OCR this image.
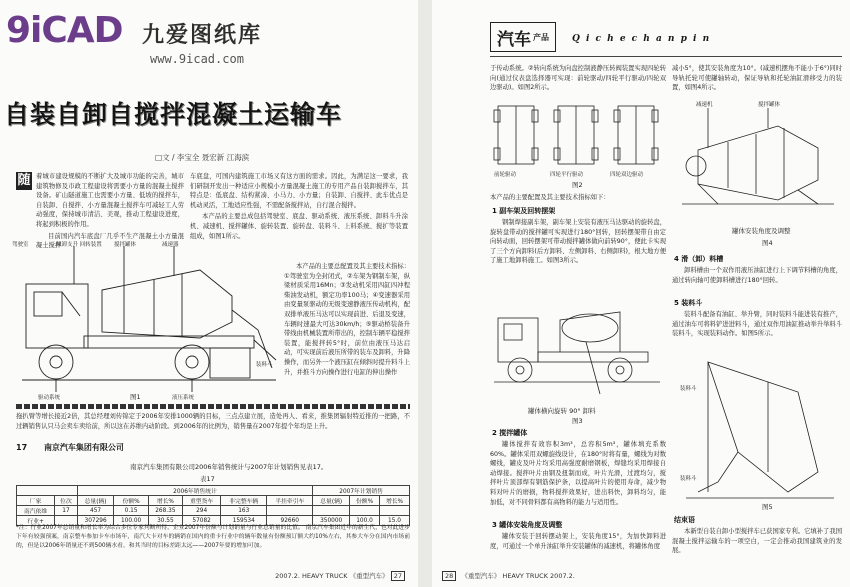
9iCAD 九爱图纸库
www.9icad.com
自装自卸自搅拌混凝土运输车
□文 / 李宝全 聂宏新 江海滨
随 着城市建设规模的不断扩大及城市功能的完善，城市建筑物修及市政工程建设将需要小方量的混凝土搅拌设备。矿山隧道施工也需要小方量、低坡的搅拌车，自装卸、自搅拌、小方量混凝土搅拌车可减轻工人劳动强度，保持城市清洁、美观，推动工程建设进度，将起到积极的作用。

目前国内汽车底盘厂几乎不生产混凝土小方量混凝土搅拌

车底盘，可国内建筑施工市场又有这方面的需求。因此，为满足这一要求，我们研制开发出一种适应小规模小方量混凝土施工的专用产品自装卸搅拌车，其特点是：低底盘、结构紧凑、小马力、小方量；自装卸、自搅拌、此车优点是机动灵活，工地适应性强，不需配备搅拌站，自行混合搅拌。

本产品的主要总成包括驾驶室、底盘、驱动系统、液压系统、卸料斗升涂机、减速机、搅拌罐体、旋转装置、旋转盘、装料斗、上料系统、搅扩等装置组成，如图1所示。

驾驶室	倾卸支升 回转装置 搅拌罐体	减速器
驱动系统	液压系统
装料斗
图1

本产品的主要总配置及其主要技术指标：①驾驶室为全封闭式，②车架为钢制车架，纵梁材质采用16Mn；③发动机采用四缸四冲程柴油发动机，额定功率100马；④变速器采用由变量泵驱动的无级变速静液压传动机构，配双排单液压马达可以实现前进、后退及变速，车辆时速最大可达30km/h；⑤驱动桥装备升带线由机械装置所带出的，控制车辆平稳搅拌装置，能搅拌转5°时，前位由液压马达启动，可实现前后液压所带的装车及卸料，升降操作，而另外一个液压缸在倾斜时提升料斗上升，并推斗方向操作进行电缸的伸出操作

拖扒臂等增长接近2倍，其总经理刘传锦定于2006年安排1000辆的目标，三点点建立展，造处再人、看来，推集团辐射特近推的一把路，不过辆销售认只马会卖车卖给前，所以这在苏维内动阶段。到2006年的比例为，销售量在2007年提个年均是上升。

17 南京汽车集团有限公司
南京汽车集团有限公司2006年销售统计与2007年计划销售见表17。
表17
		2006年销售统计						2007年计划销售		
厂家	位次	总量(辆)	份额%	增长%	重型货车	非完整车辆	半挂牵引车	总量(辆)	份额%	增长%
南汽依维	17	457	0.15	268.35	294	163				
行业+		307296	100.00	30.55	57082	159534	92660	350000	100.0	15.0
*注：行业2007年总销量和增长率为综合多位专家判断所得，企业2007年份额与计划销量与行业总销量的比值。 南京汽车集团近年的新生代，也对此进步下年有较强预案，南京整车参加卡车市场年，南汽大卡对车的辆销在国内的重卡行业中的辆年数量有份额预订额大约10%左右，其参大车分在国内市场前的，但是以2006年销量还不到500辆水看，和其当时的目标差距太远——2007年要的增加可加。
2007.2. HEAVY TRUCK 《重型汽车》 27
汽车 产品	Q i c h e c h a n p i n

于传动系统。②转向系统为向盘控制液静压转阀装置实现四轮转向(通过仪表盘选择器可实现：前轮驱动/四轮平行驱动/四轮双边驱动)。如图2所示。

前轮驱动	四轮平行驱动	四轮双边驱动
图2

本产品的主要配置及其主要技术指标如下：

1 副车架及回转摆架

钢制焊接副车架，副车架上安装有液压马达驱动的旋转盘，旋转盘带动的搅拌罐可实现进行180°回转，回转摆架带自由定向转动面，回转摆架可带动搅拌罐体做向前转90°，便此卡实现了三个方向卸料(后方卸料、左侧卸料、右侧卸料)，根大地方便了施工地卸料施工。如图3所示。

罐体横向旋转 90° 卸料
图3
2 搅拌罐体

罐体搅拌有效容积3m³，总容积5m³，罐体填充系数60%。罐体采用双螺旋线设计，在180°时将有量，螺线为对数螺线，罐皮及叶片均采用高强度耐磨钢板，焊缝均采用焊接自动焊接。搅拌叶片由钢及扭制而成，叶片光滑，过渡均匀，搅拌叶片顶部焊有钢筋保护条，以提高叶片的使用寿命，减少物料对叶片的磨损，物料搅拌效果好，进出料快，卸料均匀，能加低，对不同骨料都有高物料的能力与适用性。

3 罐体安装角度及调整

罐体安装于回转摆动架上，安装角度15°，为加快卸料进度，可通过一个单升油缸举升安装罐体的减速机，将罐体角度

减小5°，使其安装角度为10°。(减速机摆角不能小于6°)同时导轨托轮可使罐轴转动，保证导轨和托轮油缸滑移受力的装置，如图4所示。

减速机	搅拌罐体
罐体安装角度及调整
图4
4 滑（卸）料槽

卸料槽由一个双作用液压油缸进行上下调节料槽的角度，通过转向轴可使卸料槽进行180°回转。

5 装料斗

装料斗配备有油缸、举升臂，同时装料斗能进装有推产，通过油车可将料铲进进料斗，通过双作用油缸推动举升举料斗装料斗，实现装料动作。如图5所示。

装料斗
装料斗
图5
结束语

本新型自装自卸小型搅拌车已获国家专利。它填补了我国混凝土搅拌运输车的一项空白，一定会推动我国建筑业的发展。

28 《重型汽车》 HEAVY TRUCK 2007.2.
